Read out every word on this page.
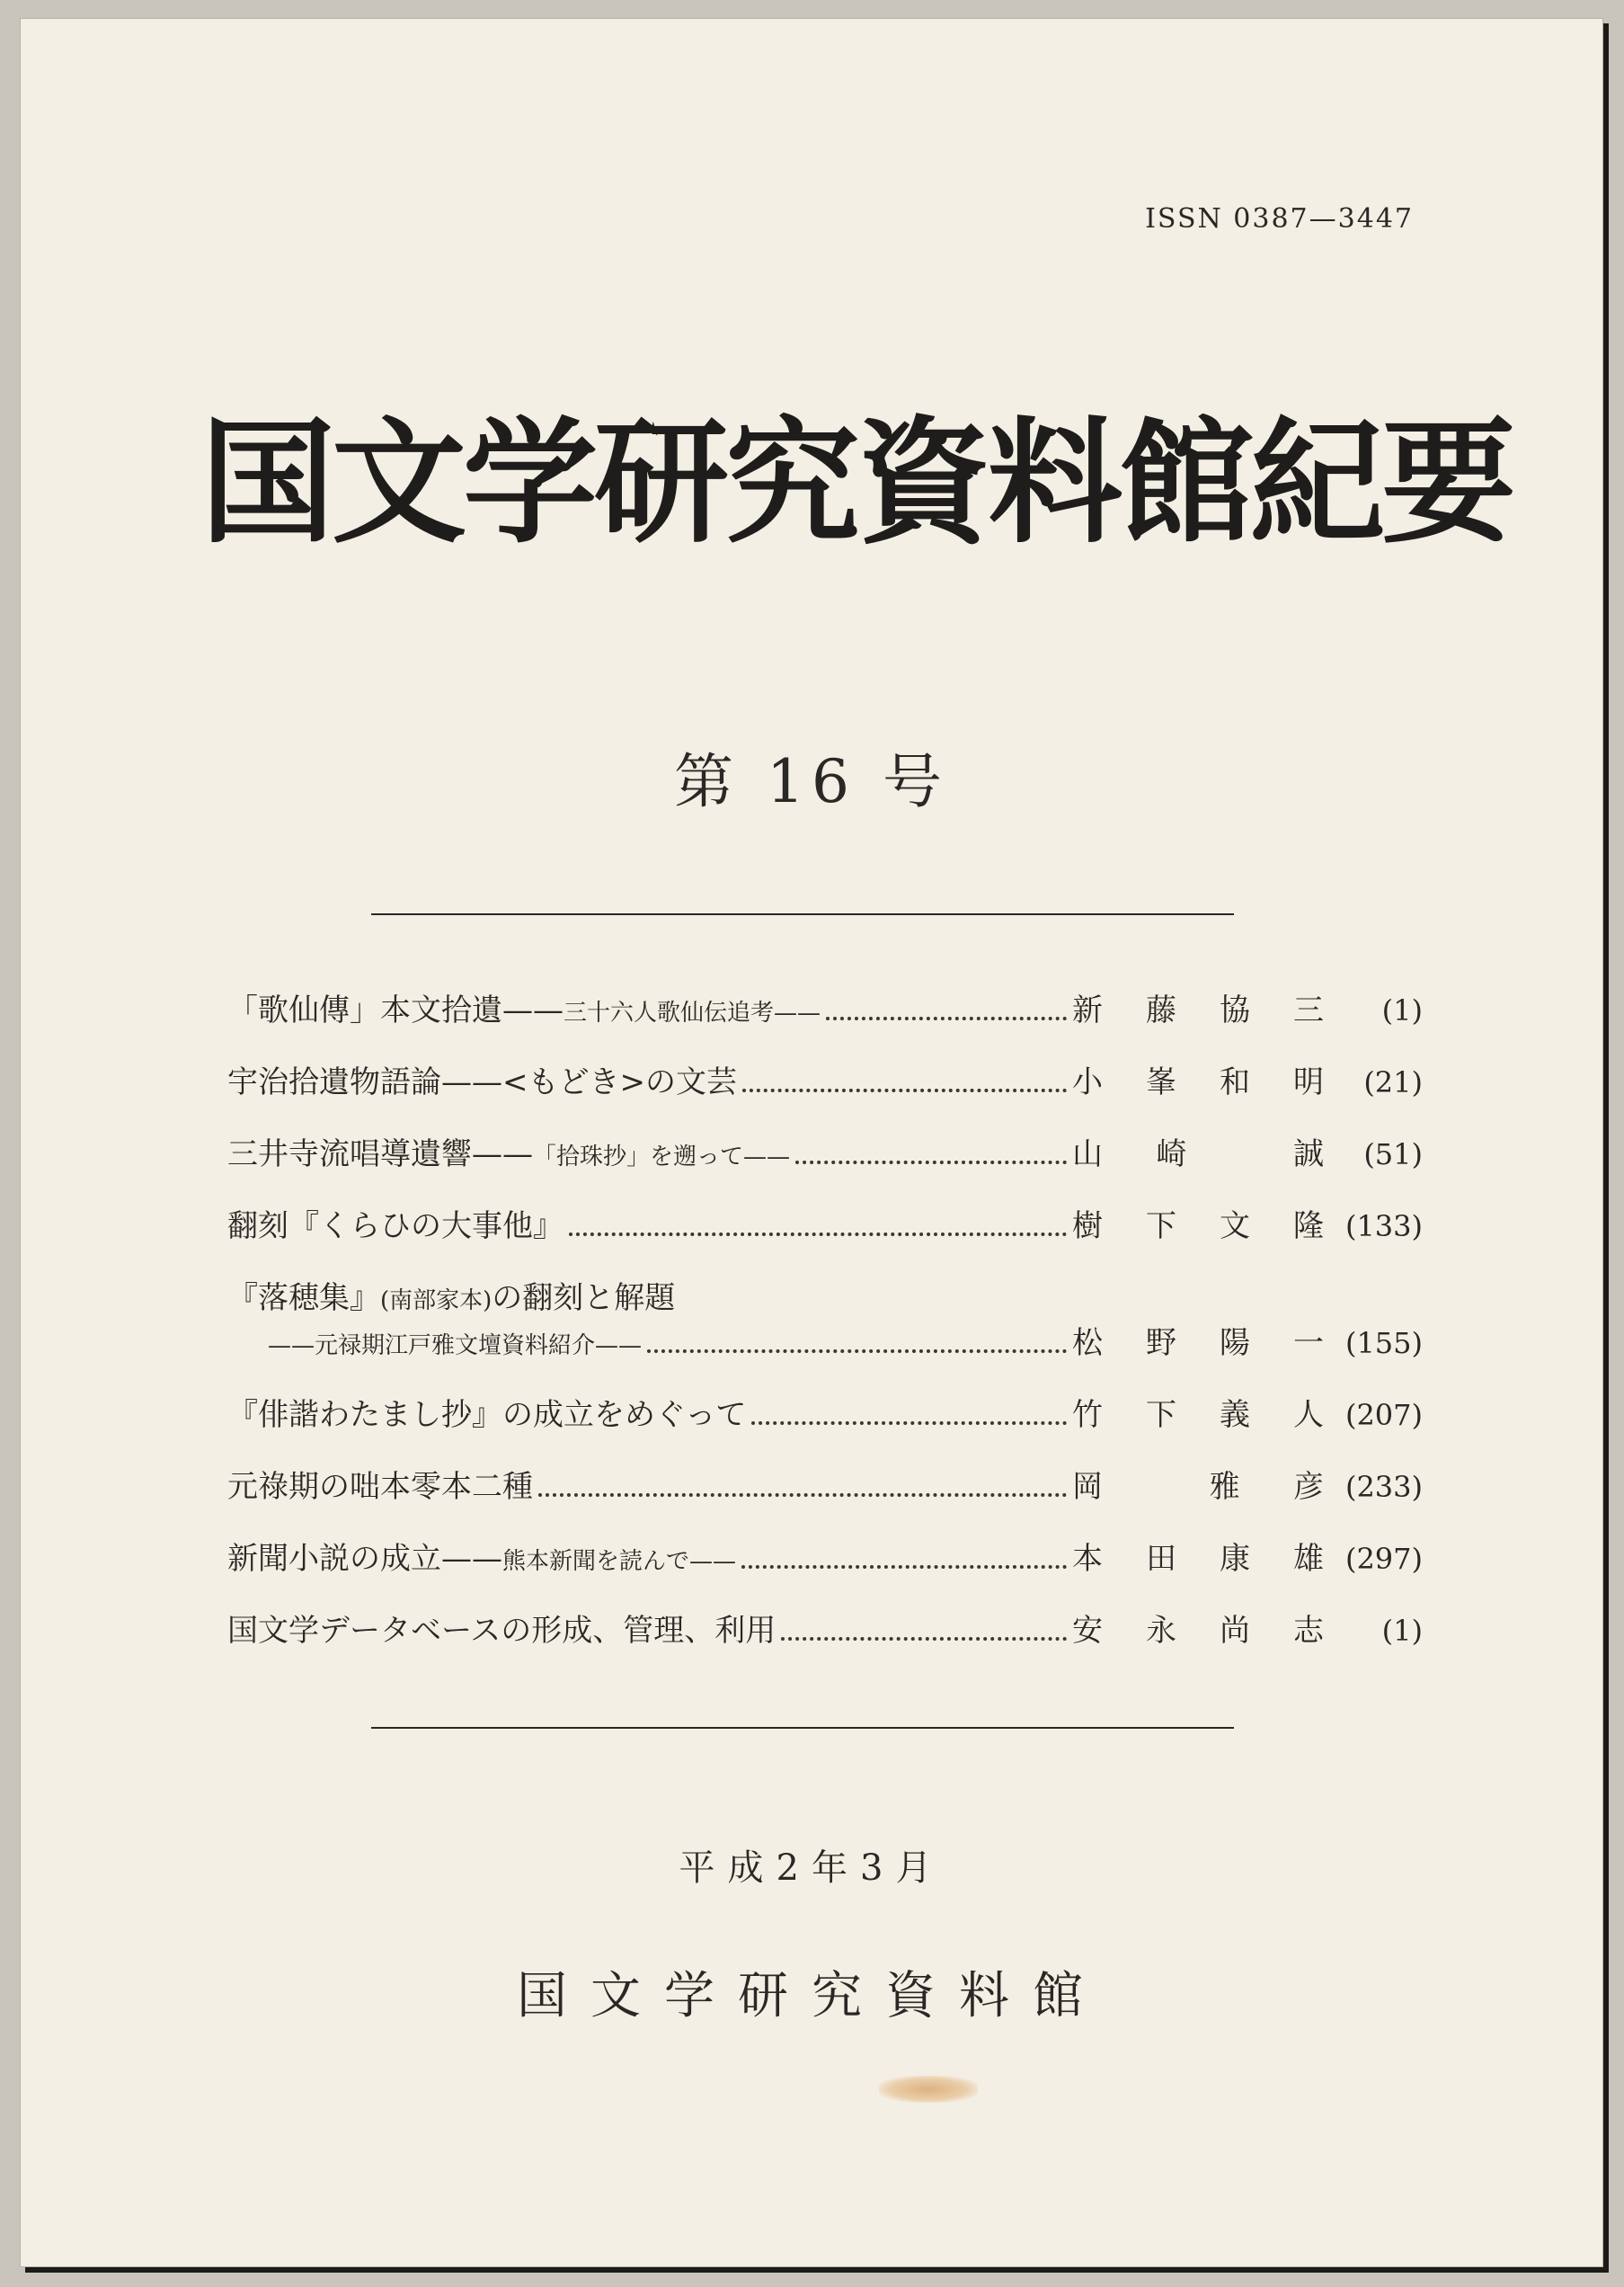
ISSN 0387—3447
国文学研究資料館紀要
第 16 号
「歌仙傳」本文拾遺—— 三十六人歌仙伝追考——	新 藤 協 三	(1)
宇治拾遺物語論——<もどき>の文芸	小 峯 和 明	(21)
三井寺流唱導遺響—— 「拾珠抄」を遡って——	山 崎	誠	(51)
翻刻『くらひの大事他』	樹 下 文 隆 (133)
『落穂集』 (南部家本) の翻刻と解題
——元禄期江戸雅文壇資料紹介——	松 野 陽 一 (155)
『俳諧わたまし抄』の成立をめぐって	竹 下 義 人 (207)
元祿期の咄本零本二種	岡	雅 彦 (233)
新聞小説の成立—— 熊本新聞を読んで——	本 田 康 雄 (297)
国文学データベースの形成、管理、利用	安 永 尚 志	(1)
平成2年3月
国文学研究資料館
